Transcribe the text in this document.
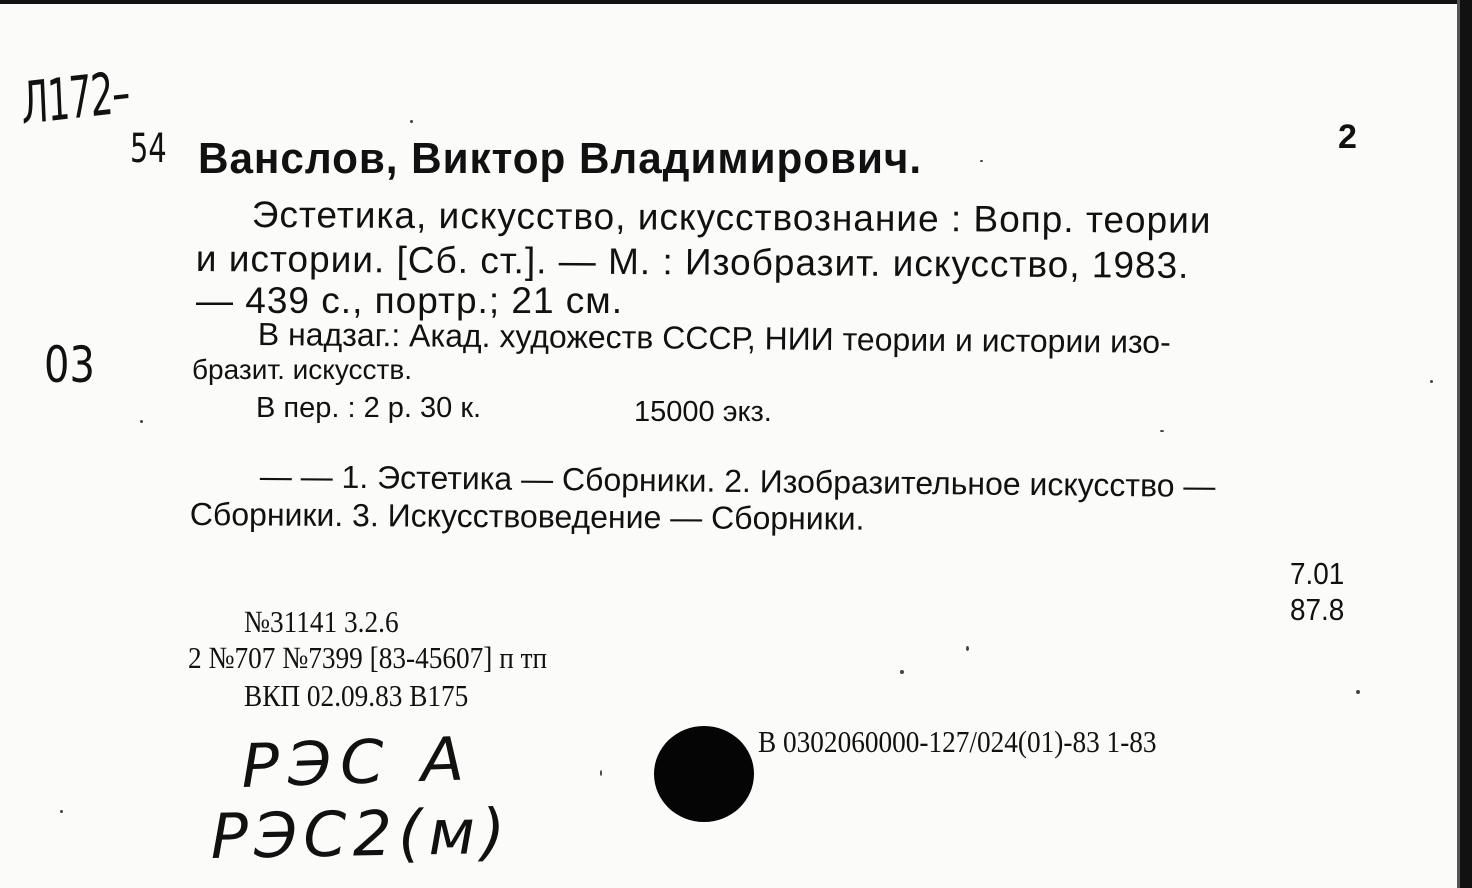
Л172–
54	2
Ванслов, Виктор Владимирович.
Эстетика, искусство, искусствознание : Вопр. теории
и истории. [Сб. ст.]. — М. : Изобразит. искусство, 1983.
— 439 с., портр.; 21 см.
03	В надзаг.: Акад. художеств СССР, НИИ теории и истории изо-
бразит. искусств.
В пер. : 2 р. 30 к.	15000 экз.
— — 1. Эстетика — Сборники. 2. Изобразительное искусство —
Сборники. 3. Искусствоведение — Сборники.
7.01
87.8
№31141 3.2.6
2 №707 №7399 [83-45607] п тп
ВКП 02.09.83 В175
В 0302060000-127/024(01)-83 1-83
РЭС А
РЭС2(м)
